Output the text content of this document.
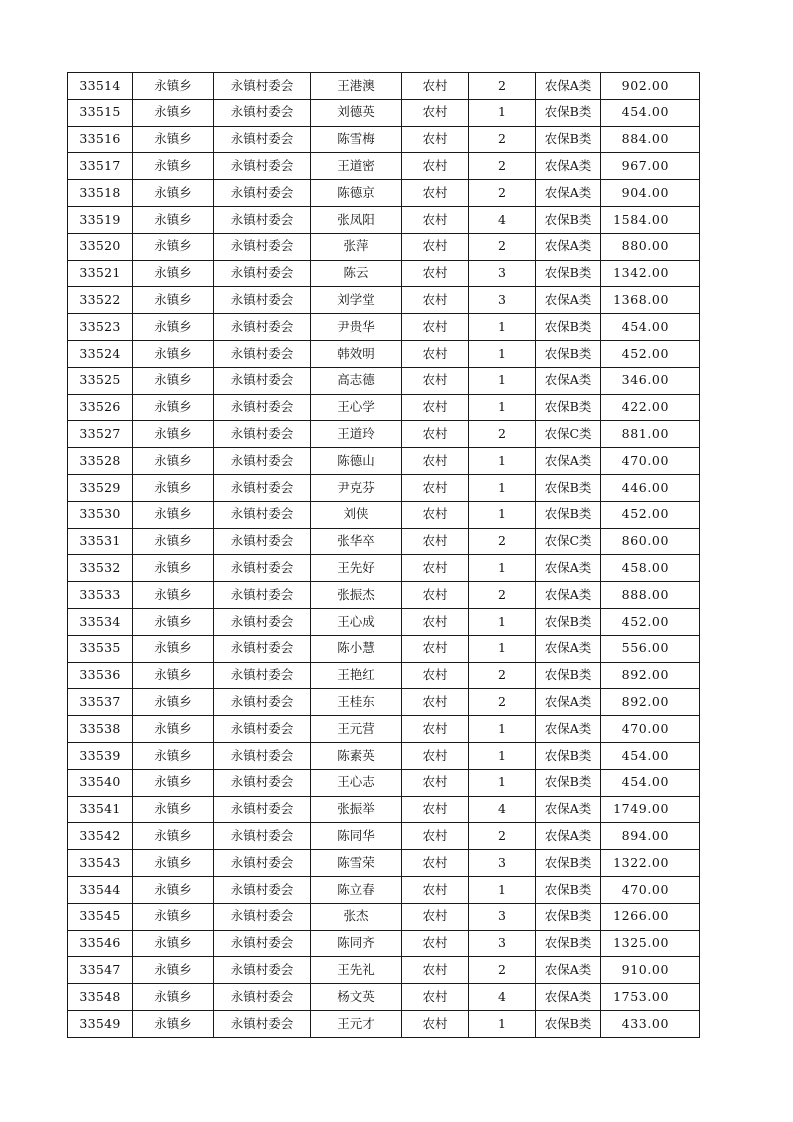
33514	永镇乡	永镇村委会	王港澳	农村	2	农保A类	902.00
33515	永镇乡	永镇村委会	刘德英	农村	1	农保B类	454.00
33516	永镇乡	永镇村委会	陈雪梅	农村	2	农保B类	884.00
33517	永镇乡	永镇村委会	王道密	农村	2	农保A类	967.00
33518	永镇乡	永镇村委会	陈德京	农村	2	农保A类	904.00
33519	永镇乡	永镇村委会	张凤阳	农村	4	农保B类	1584.00
33520	永镇乡	永镇村委会	张萍	农村	2	农保A类	880.00
33521	永镇乡	永镇村委会	陈云	农村	3	农保B类	1342.00
33522	永镇乡	永镇村委会	刘学堂	农村	3	农保A类	1368.00
33523	永镇乡	永镇村委会	尹贵华	农村	1	农保B类	454.00
33524	永镇乡	永镇村委会	韩效明	农村	1	农保B类	452.00
33525	永镇乡	永镇村委会	高志德	农村	1	农保A类	346.00
33526	永镇乡	永镇村委会	王心学	农村	1	农保B类	422.00
33527	永镇乡	永镇村委会	王道玲	农村	2	农保C类	881.00
33528	永镇乡	永镇村委会	陈德山	农村	1	农保A类	470.00
33529	永镇乡	永镇村委会	尹克芬	农村	1	农保B类	446.00
33530	永镇乡	永镇村委会	刘侠	农村	1	农保B类	452.00
33531	永镇乡	永镇村委会	张华卒	农村	2	农保C类	860.00
33532	永镇乡	永镇村委会	王先好	农村	1	农保A类	458.00
33533	永镇乡	永镇村委会	张振杰	农村	2	农保A类	888.00
33534	永镇乡	永镇村委会	王心成	农村	1	农保B类	452.00
33535	永镇乡	永镇村委会	陈小慧	农村	1	农保A类	556.00
33536	永镇乡	永镇村委会	王艳红	农村	2	农保B类	892.00
33537	永镇乡	永镇村委会	王桂东	农村	2	农保A类	892.00
33538	永镇乡	永镇村委会	王元营	农村	1	农保A类	470.00
33539	永镇乡	永镇村委会	陈素英	农村	1	农保B类	454.00
33540	永镇乡	永镇村委会	王心志	农村	1	农保B类	454.00
33541	永镇乡	永镇村委会	张振举	农村	4	农保A类	1749.00
33542	永镇乡	永镇村委会	陈同华	农村	2	农保A类	894.00
33543	永镇乡	永镇村委会	陈雪荣	农村	3	农保B类	1322.00
33544	永镇乡	永镇村委会	陈立春	农村	1	农保B类	470.00
33545	永镇乡	永镇村委会	张杰	农村	3	农保B类	1266.00
33546	永镇乡	永镇村委会	陈同齐	农村	3	农保B类	1325.00
33547	永镇乡	永镇村委会	王先礼	农村	2	农保A类	910.00
33548	永镇乡	永镇村委会	杨文英	农村	4	农保A类	1753.00
33549	永镇乡	永镇村委会	王元才	农村	1	农保B类	433.00
